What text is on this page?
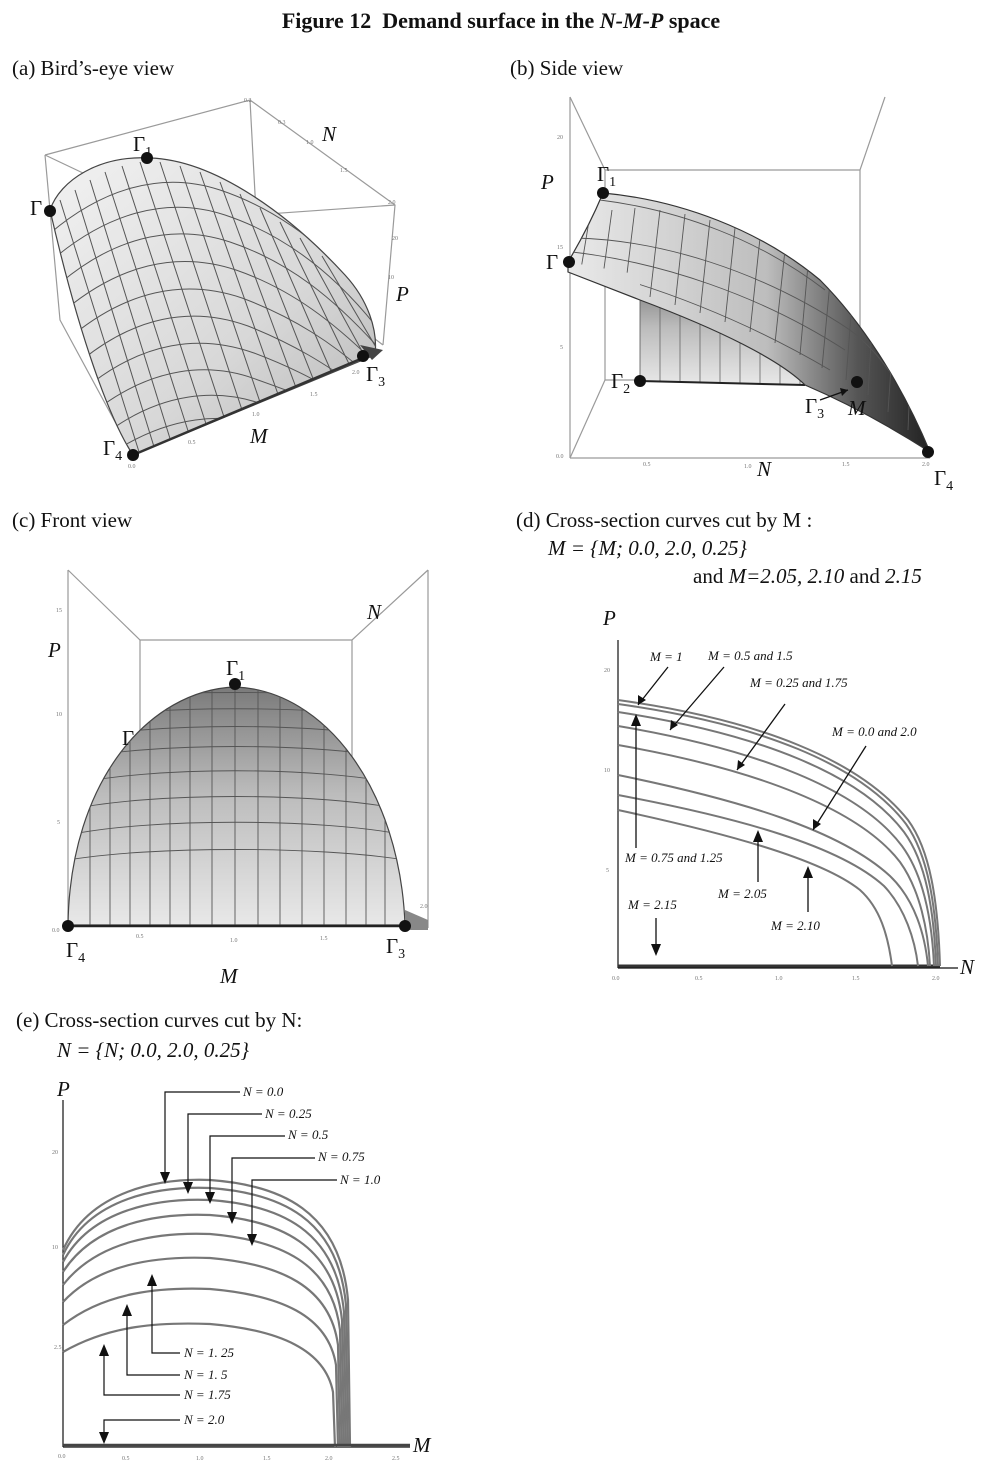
Figure 12 Demand surface in the N-M-P space
(a) Bird’s-eye view
N
P
M
$\Gamma_1$
Γ
$\Gamma_3$
$\Gamma_4$
0.2
0.3
1.0
1.5
2.0
20
10
0.0
0.5
1.0
1.5
2.0
(b) Side view
P
N
M
$\Gamma_1$
Γ
$\Gamma_2$
$\Gamma_3$
$\Gamma_4$
0.0
0.5	1.0	1.5	2.0
5
15
20
(c) Front view
P
N
M
$\Gamma_1$
Γ
$\Gamma_3$
$\Gamma_4$
15
10
5
0.0
0.5
1.0	1.5
2.0
(d) Cross-section curves cut by M :
M = {M; 0.0, 2.0, 0.25}
and M=2.05, 2.10 and 2.15
P
N
M = 1 M = 0.5 and 1.5
M = 0.25 and 1.75
M = 0.0 and 2.0
M = 0.75 and 1.25
M = 2.05
M = 2.15
M = 2.10
20
10
5
0.0	0.5	1.0	1.5	2.0
(e) Cross-section curves cut by N:
N = {N; 0.0, 2.0, 0.25}
P
M
N = 0.0
N = 0.25
N = 0.5
N = 0.75
N = 1.0
N = 1. 25
N = 1. 5
N = 1.75
N = 2.0
20
10
2.5
0.0	0.5	1.0	1.5	2.0	2.5
